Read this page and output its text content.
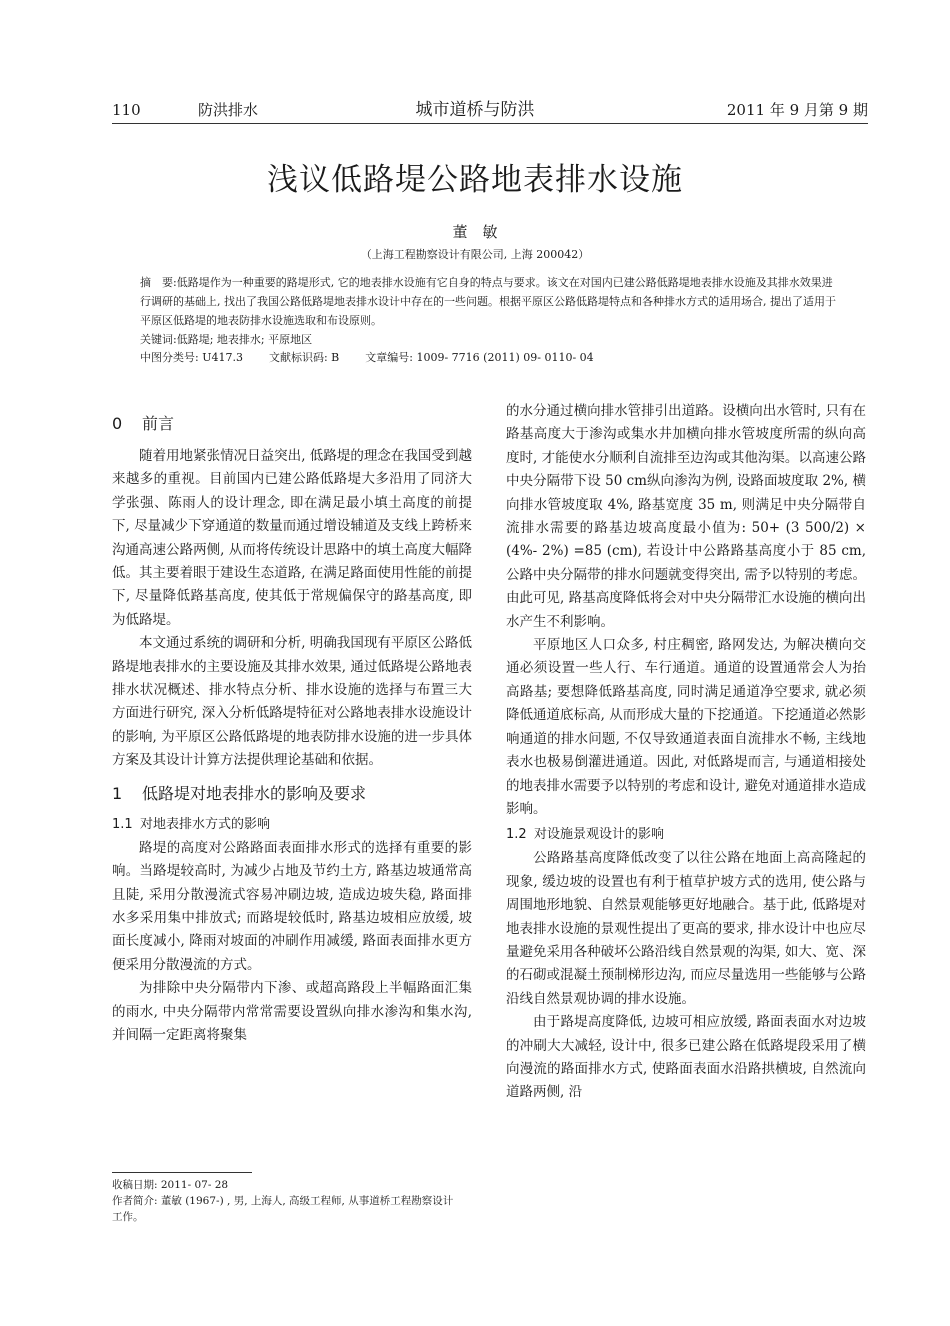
110	防洪排水	城市道桥与防洪	2011 年 9 月第 9 期
浅议低路堤公路地表排水设施
董　敏
（上海工程勘察设计有限公司, 上海 200042）

摘　要:低路堤作为一种重要的路堤形式, 它的地表排水设施有它自身的特点与要求。该文在对国内已建公路低路堤地表排水设施及其排水效果进行调研的基础上, 找出了我国公路低路堤地表排水设计中存在的一些问题。根据平原区公路低路堤特点和各种排水方式的适用场合, 提出了适用于平原区低路堤的地表防排水设施选取和布设原则。

关键词:低路堤; 地表排水; 平原地区

中图分类号: U417.3 文献标识码: B 文章编号: 1009- 7716 (2011) 09- 0110- 04

0 前言

随着用地紧张情况日益突出, 低路堤的理念在我国受到越来越多的重视。目前国内已建公路低路堤大多沿用了同济大学张强、陈雨人的设计理念, 即在满足最小填土高度的前提下, 尽量减少下穿通道的数量而通过增设辅道及支线上跨桥来沟通高速公路两侧, 从而将传统设计思路中的填土高度大幅降低。其主要着眼于建设生态道路, 在满足路面使用性能的前提下, 尽量降低路基高度, 使其低于常规偏保守的路基高度, 即为低路堤。

本文通过系统的调研和分析, 明确我国现有平原区公路低路堤地表排水的主要设施及其排水效果, 通过低路堤公路地表排水状况概述、排水特点分析、排水设施的选择与布置三大方面进行研究, 深入分析低路堤特征对公路地表排水设施设计的影响, 为平原区公路低路堤的地表防排水设施的进一步具体方案及其设计计算方法提供理论基础和依据。

1 低路堤对地表排水的影响及要求
1.1 对地表排水方式的影响

路堤的高度对公路路面表面排水形式的选择有重要的影响。当路堤较高时, 为减少占地及节约土方, 路基边坡通常高且陡, 采用分散漫流式容易冲刷边坡, 造成边坡失稳, 路面排水多采用集中排放式; 而路堤较低时, 路基边坡相应放缓, 坡面长度减小, 降雨对坡面的冲刷作用减缓, 路面表面排水更方便采用分散漫流的方式。

为排除中央分隔带内下渗、或超高路段上半幅路面汇集的雨水, 中央分隔带内常常需要设置纵向排水渗沟和集水沟, 并间隔一定距离将聚集

的水分通过横向排水管排引出道路。设横向出水管时, 只有在路基高度大于渗沟或集水井加横向排水管坡度所需的纵向高度时, 才能使水分顺利自流排至边沟或其他沟渠。以高速公路中央分隔带下设 50 cm纵向渗沟为例, 设路面坡度取 2%, 横向排水管坡度取 4%, 路基宽度 35 m, 则满足中央分隔带自流排水需要的路基边坡高度最小值为: 50+ (3 500/2) × (4%- 2%) =85 (cm), 若设计中公路路基高度小于 85 cm, 公路中央分隔带的排水问题就变得突出, 需予以特别的考虑。由此可见, 路基高度降低将会对中央分隔带汇水设施的横向出水产生不利影响。

平原地区人口众多, 村庄稠密, 路网发达, 为解决横向交通必须设置一些人行、车行通道。通道的设置通常会人为抬高路基; 要想降低路基高度, 同时满足通道净空要求, 就必须降低通道底标高, 从而形成大量的下挖通道。下挖通道必然影响通道的排水问题, 不仅导致通道表面自流排水不畅, 主线地表水也极易倒灌进通道。因此, 对低路堤而言, 与通道相接处的地表排水需要予以特别的考虑和设计, 避免对通道排水造成影响。

1.2 对设施景观设计的影响

公路路基高度降低改变了以往公路在地面上高高隆起的现象, 缓边坡的设置也有利于植草护坡方式的选用, 使公路与周围地形地貌、自然景观能够更好地融合。基于此, 低路堤对地表排水设施的景观性提出了更高的要求, 排水设计中也应尽量避免采用各种破坏公路沿线自然景观的沟渠, 如大、宽、深的石砌或混凝土预制梯形边沟, 而应尽量选用一些能够与公路沿线自然景观协调的排水设施。

由于路堤高度降低, 边坡可相应放缓, 路面表面水对边坡的冲刷大大减轻, 设计中, 很多已建公路在低路堤段采用了横向漫流的路面排水方式, 使路面表面水沿路拱横坡, 自然流向道路两侧, 沿

收稿日期: 2011- 07- 28
作者简介: 董敏 (1967-) , 男, 上海人, 高级工程师, 从事道桥工程勘察设计工作。
